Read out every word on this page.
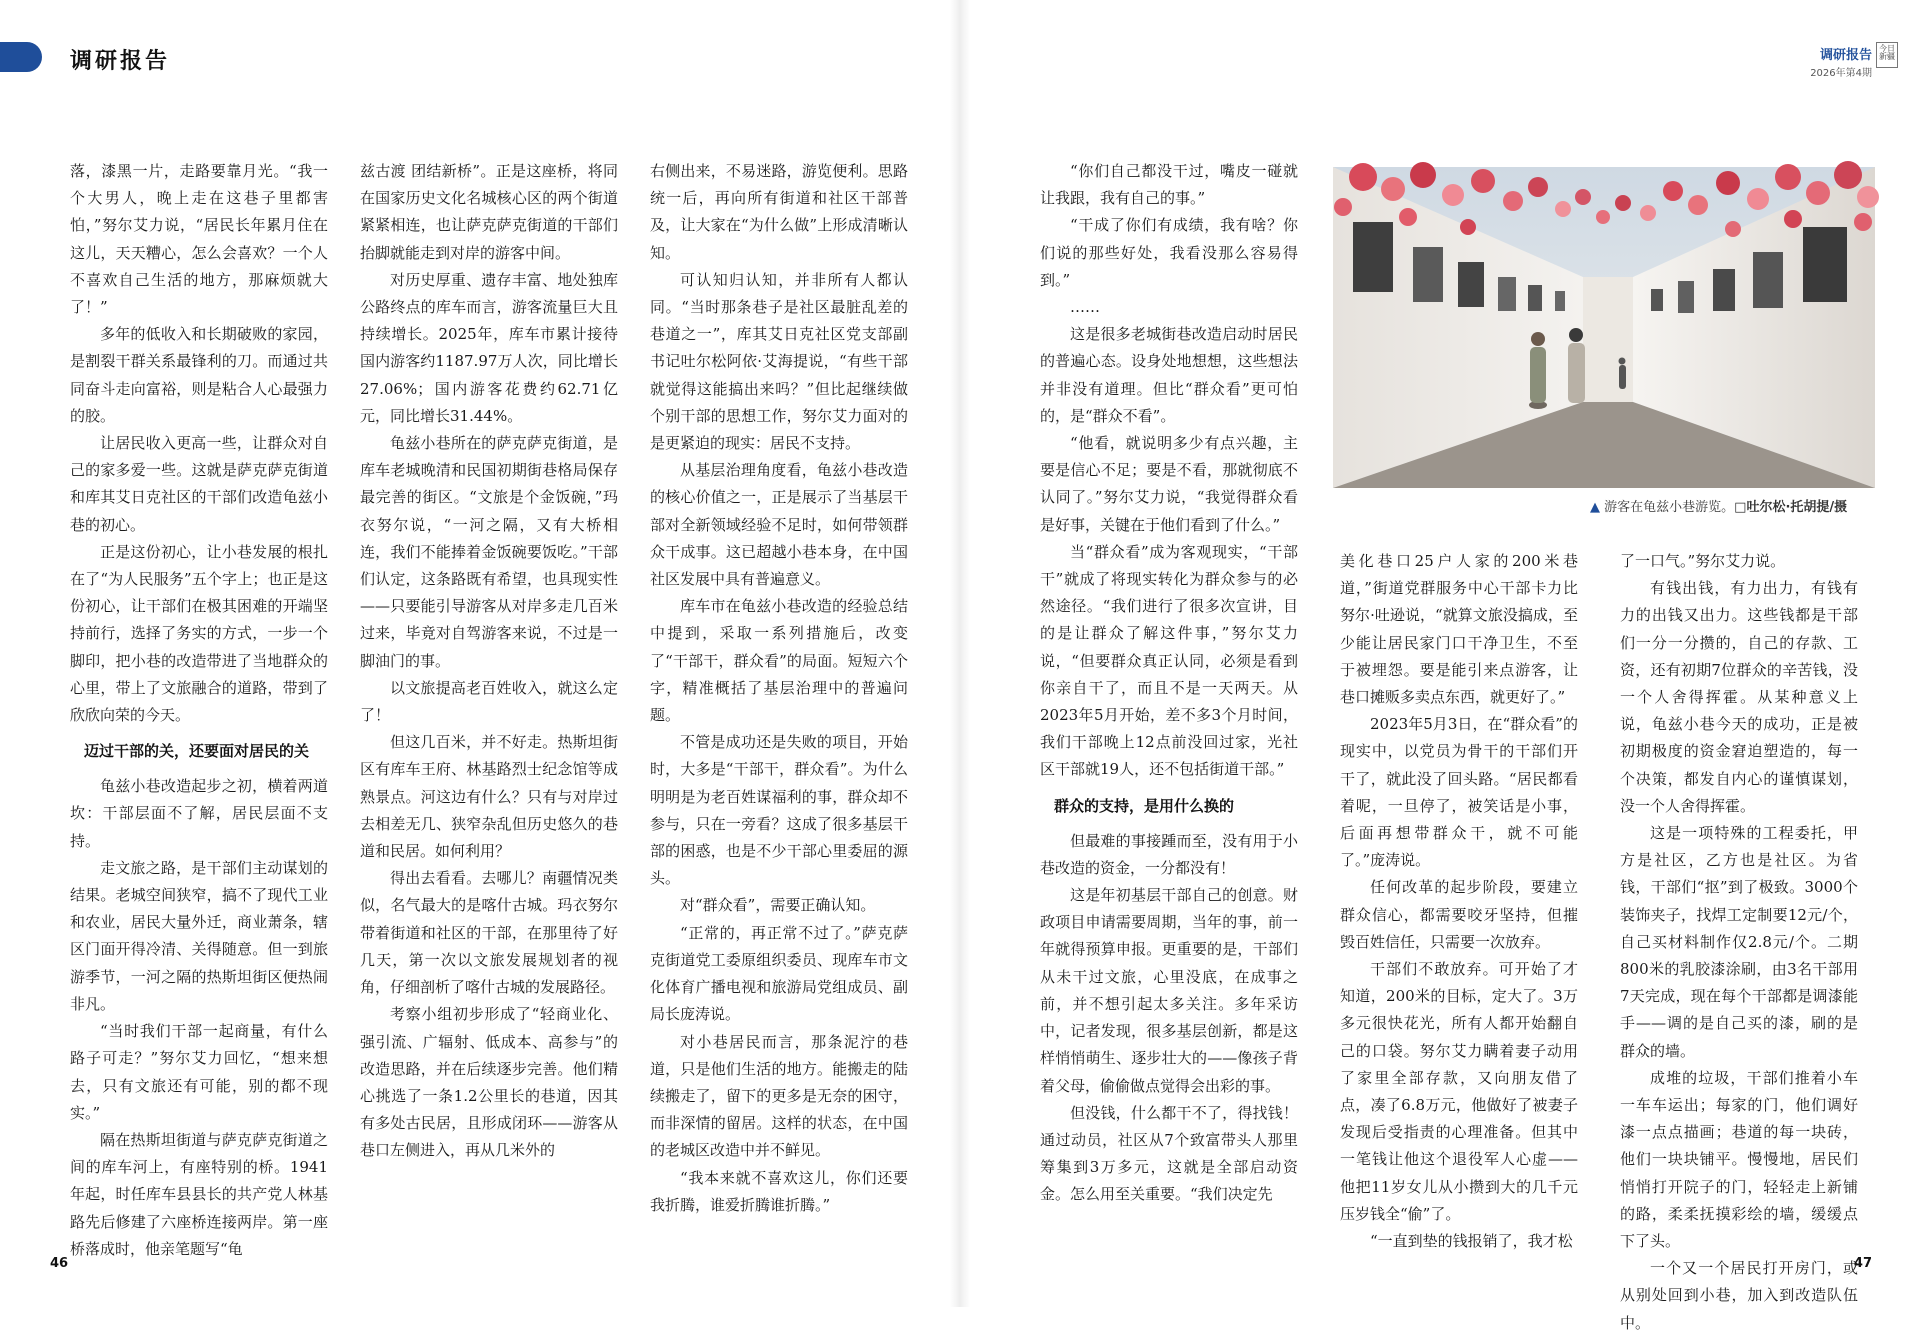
调研报告

落，漆黑一片，走路要靠月光。“我一个大男人，晚上走在这巷子里都害怕，”努尔艾力说，“居民长年累月住在这儿，天天糟心，怎么会喜欢？一个人不喜欢自己生活的地方，那麻烦就大了！”

多年的低收入和长期破败的家园，是割裂干群关系最锋利的刀。而通过共同奋斗走向富裕，则是粘合人心最强力的胶。

让居民收入更高一些，让群众对自己的家多爱一些。这就是萨克萨克街道和库其艾日克社区的干部们改造龟兹小巷的初心。

正是这份初心，让小巷发展的根扎在了“为人民服务”五个字上；也正是这份初心，让干部们在极其困难的开端坚持前行，选择了务实的方式，一步一个脚印，把小巷的改造带进了当地群众的心里，带上了文旅融合的道路，带到了欣欣向荣的今天。

迈过干部的关，还要面对居民的关

龟兹小巷改造起步之初，横着两道坎：干部层面不了解，居民层面不支持。

走文旅之路，是干部们主动谋划的结果。老城空间狭窄，搞不了现代工业和农业，居民大量外迁，商业萧条，辖区门面开得冷清、关得随意。但一到旅游季节，一河之隔的热斯坦街区便热闹非凡。

“当时我们干部一起商量，有什么路子可走？”努尔艾力回忆，“想来想去，只有文旅还有可能，别的都不现实。”

隔在热斯坦街道与萨克萨克街道之间的库车河上，有座特别的桥。1941年起，时任库车县县长的共产党人林基路先后修建了六座桥连接两岸。第一座桥落成时，他亲笔题写“龟

兹古渡 团结新桥”。正是这座桥，将同在国家历史文化名城核心区的两个街道紧紧相连，也让萨克萨克街道的干部们抬脚就能走到对岸的游客中间。

对历史厚重、遗存丰富、地处独库公路终点的库车而言，游客流量巨大且持续增长。2025年，库车市累计接待国内游客约1187.97万人次，同比增长27.06%；国内游客花费约62.71亿元，同比增长31.44%。

龟兹小巷所在的萨克萨克街道，是库车老城晚清和民国初期街巷格局保存最完善的街区。“文旅是个金饭碗，”玛衣努尔说，“一河之隔，又有大桥相连，我们不能捧着金饭碗要饭吃。”干部们认定，这条路既有希望，也具现实性——只要能引导游客从对岸多走几百米过来，毕竟对自驾游客来说，不过是一脚油门的事。

以文旅提高老百姓收入，就这么定了！

但这几百米，并不好走。热斯坦街区有库车王府、林基路烈士纪念馆等成熟景点。河这边有什么？只有与对岸过去相差无几、狭窄杂乱但历史悠久的巷道和民居。如何利用？

得出去看看。去哪儿？南疆情况类似，名气最大的是喀什古城。玛衣努尔带着街道和社区的干部，在那里待了好几天，第一次以文旅发展规划者的视角，仔细剖析了喀什古城的发展路径。

考察小组初步形成了“轻商业化、强引流、广辐射、低成本、高参与”的改造思路，并在后续逐步完善。他们精心挑选了一条1.2公里长的巷道，因其有多处古民居，且形成闭环——游客从巷口左侧进入，再从几米外的

右侧出来，不易迷路，游览便利。思路统一后，再向所有街道和社区干部普及，让大家在“为什么做”上形成清晰认知。

可认知归认知，并非所有人都认同。“当时那条巷子是社区最脏乱差的巷道之一”，库其艾日克社区党支部副书记吐尔松阿依·艾海提说，“有些干部就觉得这能搞出来吗？”但比起继续做个别干部的思想工作，努尔艾力面对的是更紧迫的现实：居民不支持。

从基层治理角度看，龟兹小巷改造的核心价值之一，正是展示了当基层干部对全新领域经验不足时，如何带领群众干成事。这已超越小巷本身，在中国社区发展中具有普遍意义。

库车市在龟兹小巷改造的经验总结中提到，采取一系列措施后，改变了“干部干，群众看”的局面。短短六个字，精准概括了基层治理中的普遍问题。

不管是成功还是失败的项目，开始时，大多是“干部干，群众看”。为什么明明是为老百姓谋福利的事，群众却不参与，只在一旁看？这成了很多基层干部的困惑，也是不少干部心里委屈的源头。

对“群众看”，需要正确认知。

“正常的，再正常不过了。”萨克萨克街道党工委原组织委员、现库车市文化体育广播电视和旅游局党组成员、副局长庞涛说。

对小巷居民而言，那条泥泞的巷道，只是他们生活的地方。能搬走的陆续搬走了，留下的更多是无奈的困守，而非深情的留居。这样的状态，在中国的老城区改造中并不鲜见。

“我本来就不喜欢这儿，你们还要我折腾，谁爱折腾谁折腾。”

46
调研报告
2026年第4期
今日
新疆

“你们自己都没干过，嘴皮一碰就让我跟，我有自己的事。”

“干成了你们有成绩，我有啥？你们说的那些好处，我看没那么容易得到。”

……

这是很多老城街巷改造启动时居民的普遍心态。设身处地想想，这些想法并非没有道理。但比“群众看”更可怕的，是“群众不看”。

“他看，就说明多少有点兴趣，主要是信心不足；要是不看，那就彻底不认同了。”努尔艾力说，“我觉得群众看是好事，关键在于他们看到了什么。”

当“群众看”成为客观现实，“干部干”就成了将现实转化为群众参与的必然途径。“我们进行了很多次宣讲，目的是让群众了解这件事，”努尔艾力说，“但要群众真正认同，必须是看到你亲自干了，而且不是一天两天。从2023年5月开始，差不多3个月时间，我们干部晚上12点前没回过家，光社区干部就19人，还不包括街道干部。”

群众的支持，是用什么换的

但最难的事接踵而至，没有用于小巷改造的资金，一分都没有！

这是年初基层干部自己的创意。财政项目申请需要周期，当年的事，前一年就得预算申报。更重要的是，干部们从未干过文旅，心里没底，在成事之前，并不想引起太多关注。多年采访中，记者发现，很多基层创新，都是这样悄悄萌生、逐步壮大的——像孩子背着父母，偷偷做点觉得会出彩的事。

但没钱，什么都干不了，得找钱！通过动员，社区从7个致富带头人那里筹集到3万多元，这就是全部启动资金。怎么用至关重要。“我们决定先

美化巷口25户人家的200米巷道，”街道党群服务中心干部卡力比努尔·吐逊说，“就算文旅没搞成，至少能让居民家门口干净卫生，不至于被埋怨。要是能引来点游客，让巷口摊贩多卖点东西，就更好了。”

2023年5月3日，在“群众看”的现实中，以党员为骨干的干部们开干了，就此没了回头路。“居民都看着呢，一旦停了，被笑话是小事，后面再想带群众干，就不可能了。”庞涛说。

任何改革的起步阶段，要建立群众信心，都需要咬牙坚持，但摧毁百姓信任，只需要一次放弃。

干部们不敢放弃。可开始了才知道，200米的目标，定大了。3万多元很快花光，所有人都开始翻自己的口袋。努尔艾力瞒着妻子动用了家里全部存款，又向朋友借了点，凑了6.8万元，他做好了被妻子发现后受指责的心理准备。但其中一笔钱让他这个退役军人心虚——他把11岁女儿从小攒到大的几千元压岁钱全“偷”了。

“一直到垫的钱报销了，我才松

了一口气。”努尔艾力说。

有钱出钱，有力出力，有钱有力的出钱又出力。这些钱都是干部们一分一分攒的，自己的存款、工资，还有初期7位群众的辛苦钱，没一个人舍得挥霍。从某种意义上说，龟兹小巷今天的成功，正是被初期极度的资金窘迫塑造的，每一个决策，都发自内心的谨慎谋划，没一个人舍得挥霍。

这是一项特殊的工程委托，甲方是社区，乙方也是社区。为省钱，干部们“抠”到了极致。3000个装饰夹子，找焊工定制要12元/个，自己买材料制作仅2.8元/个。二期800米的乳胶漆涂刷，由3名干部用7天完成，现在每个干部都是调漆能手——调的是自己买的漆，刷的是群众的墙。

成堆的垃圾，干部们推着小车一车车运出；每家的门，他们调好漆一点点描画；巷道的每一块砖，他们一块块铺平。慢慢地，居民们悄悄打开院子的门，轻轻走上新铺的路，柔柔抚摸彩绘的墙，缓缓点下了头。

一个又一个居民打开房门，或从别处回到小巷，加入到改造队伍中。

47
▲ 游客在龟兹小巷游览。□吐尔松·托胡提/摄
